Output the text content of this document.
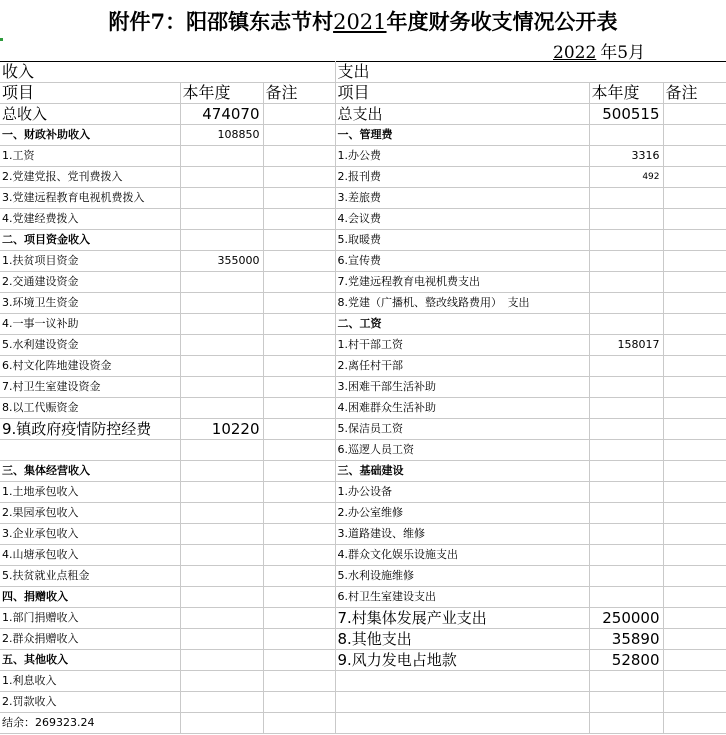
附件7：阳邵镇东志节村2021年度财务收支情况公开表
2022 年5月
收入			支出		
项目	本年度	备注	项目	本年度	备注
总收入	474070		总支出	500515	
一、财政补助收入	108850		一、管理费		
1.工资			1.办公费	3316	
2.党建党报、党刊费拨入			2.报刊费	492	
3.党建远程教育电视机费拨入			3.差旅费		
4.党建经费拨入			4.会议费		
二、项目资金收入			5.取暖费		
1.扶贫项目资金	355000		6.宣传费		
2.交通建设资金			7.党建远程教育电视机费支出		
3.环境卫生资金			8.党建（广播机、整改线路费用）　支出		
4.一事一议补助			二、工资		
5.水利建设资金			1.村干部工资	158017	
6.村文化阵地建设资金			2.离任村干部		
7.村卫生室建设资金			3.困难干部生活补助		
8.以工代赈资金			4.困难群众生活补助		
9.镇政府疫情防控经费	10220		5.保洁员工资		
			6.巡逻人员工资		
三、集体经营收入			三、基础建设		
1.土地承包收入			1.办公设备		
2.果园承包收入			2.办公室维修		
3.企业承包收入			3.道路建设、维修		
4.山塘承包收入			4.群众文化娱乐设施支出		
5.扶贫就业点租金			5.水利设施维修		
四、捐赠收入			6.村卫生室建设支出		
1.部门捐赠收入			7.村集体发展产业支出	250000	
2.群众捐赠收入			8.其他支出	35890	
五、其他收入			9.风力发电占地款	52800	
1.利息收入					
2.罚款收入					
结余：269323.24					
